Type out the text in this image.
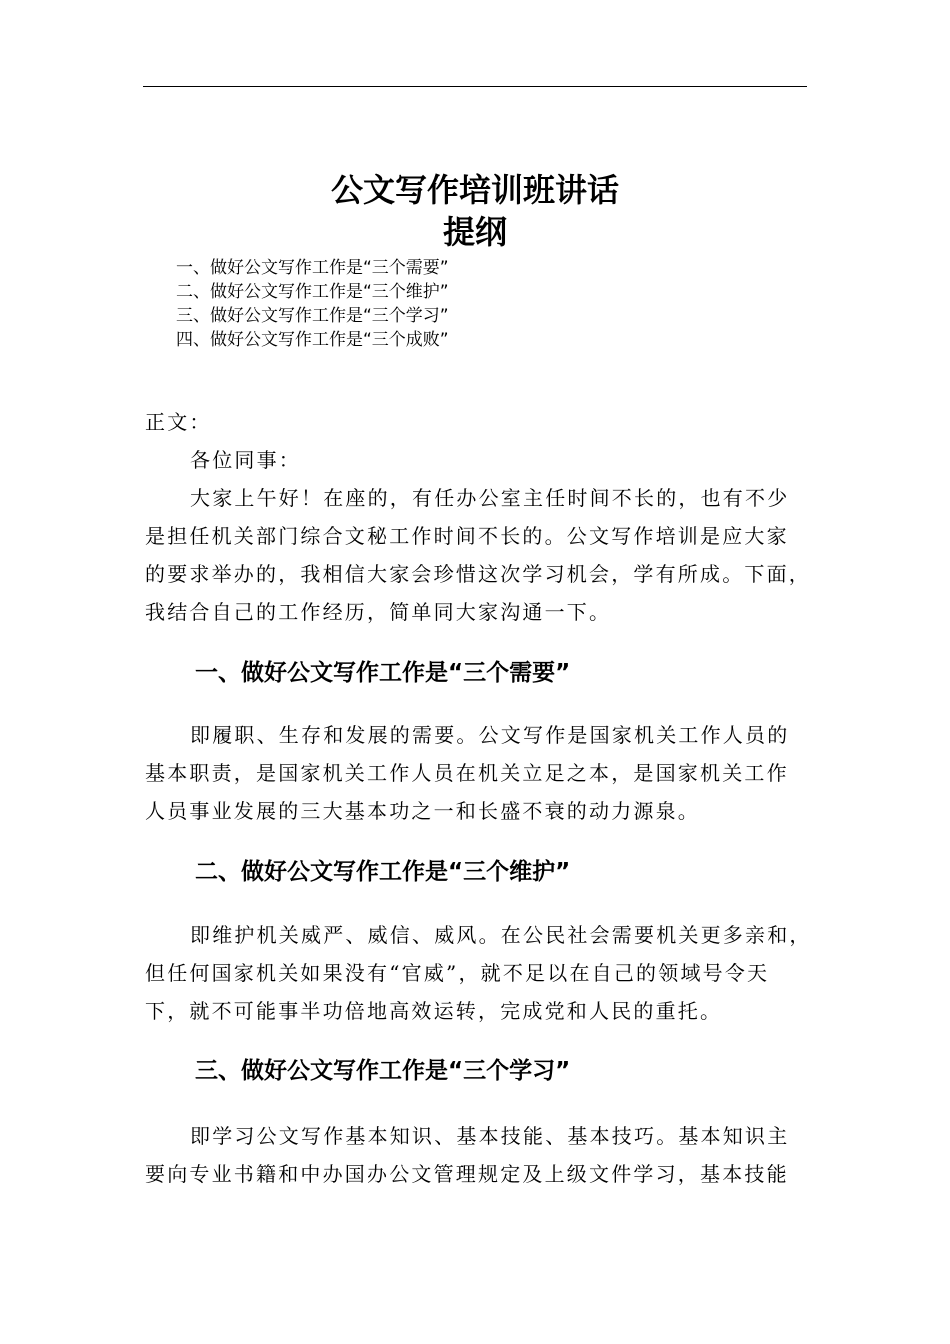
公文写作培训班讲话
提纲
一、做好公文写作工作是“三个需要”
二、做好公文写作工作是“三个维护”
三、做好公文写作工作是“三个学习”
四、做好公文写作工作是“三个成败”
正文：
各位同事：
大家上午好！在座的，有任办公室主任时间不长的，也有不少
是担任机关部门综合文秘工作时间不长的。公文写作培训是应大家
的要求举办的，我相信大家会珍惜这次学习机会，学有所成。下面，
我结合自己的工作经历，简单同大家沟通一下。
一、做好公文写作工作是“三个需要”
即履职、生存和发展的需要。公文写作是国家机关工作人员的
基本职责，是国家机关工作人员在机关立足之本，是国家机关工作
人员事业发展的三大基本功之一和长盛不衰的动力源泉。
二、做好公文写作工作是“三个维护”
即维护机关威严、威信、威风。在公民社会需要机关更多亲和，
但任何国家机关如果没有“官威”，就不足以在自己的领域号令天
下，就不可能事半功倍地高效运转，完成党和人民的重托。
三、做好公文写作工作是“三个学习”
即学习公文写作基本知识、基本技能、基本技巧。基本知识主
要向专业书籍和中办国办公文管理规定及上级文件学习，基本技能
